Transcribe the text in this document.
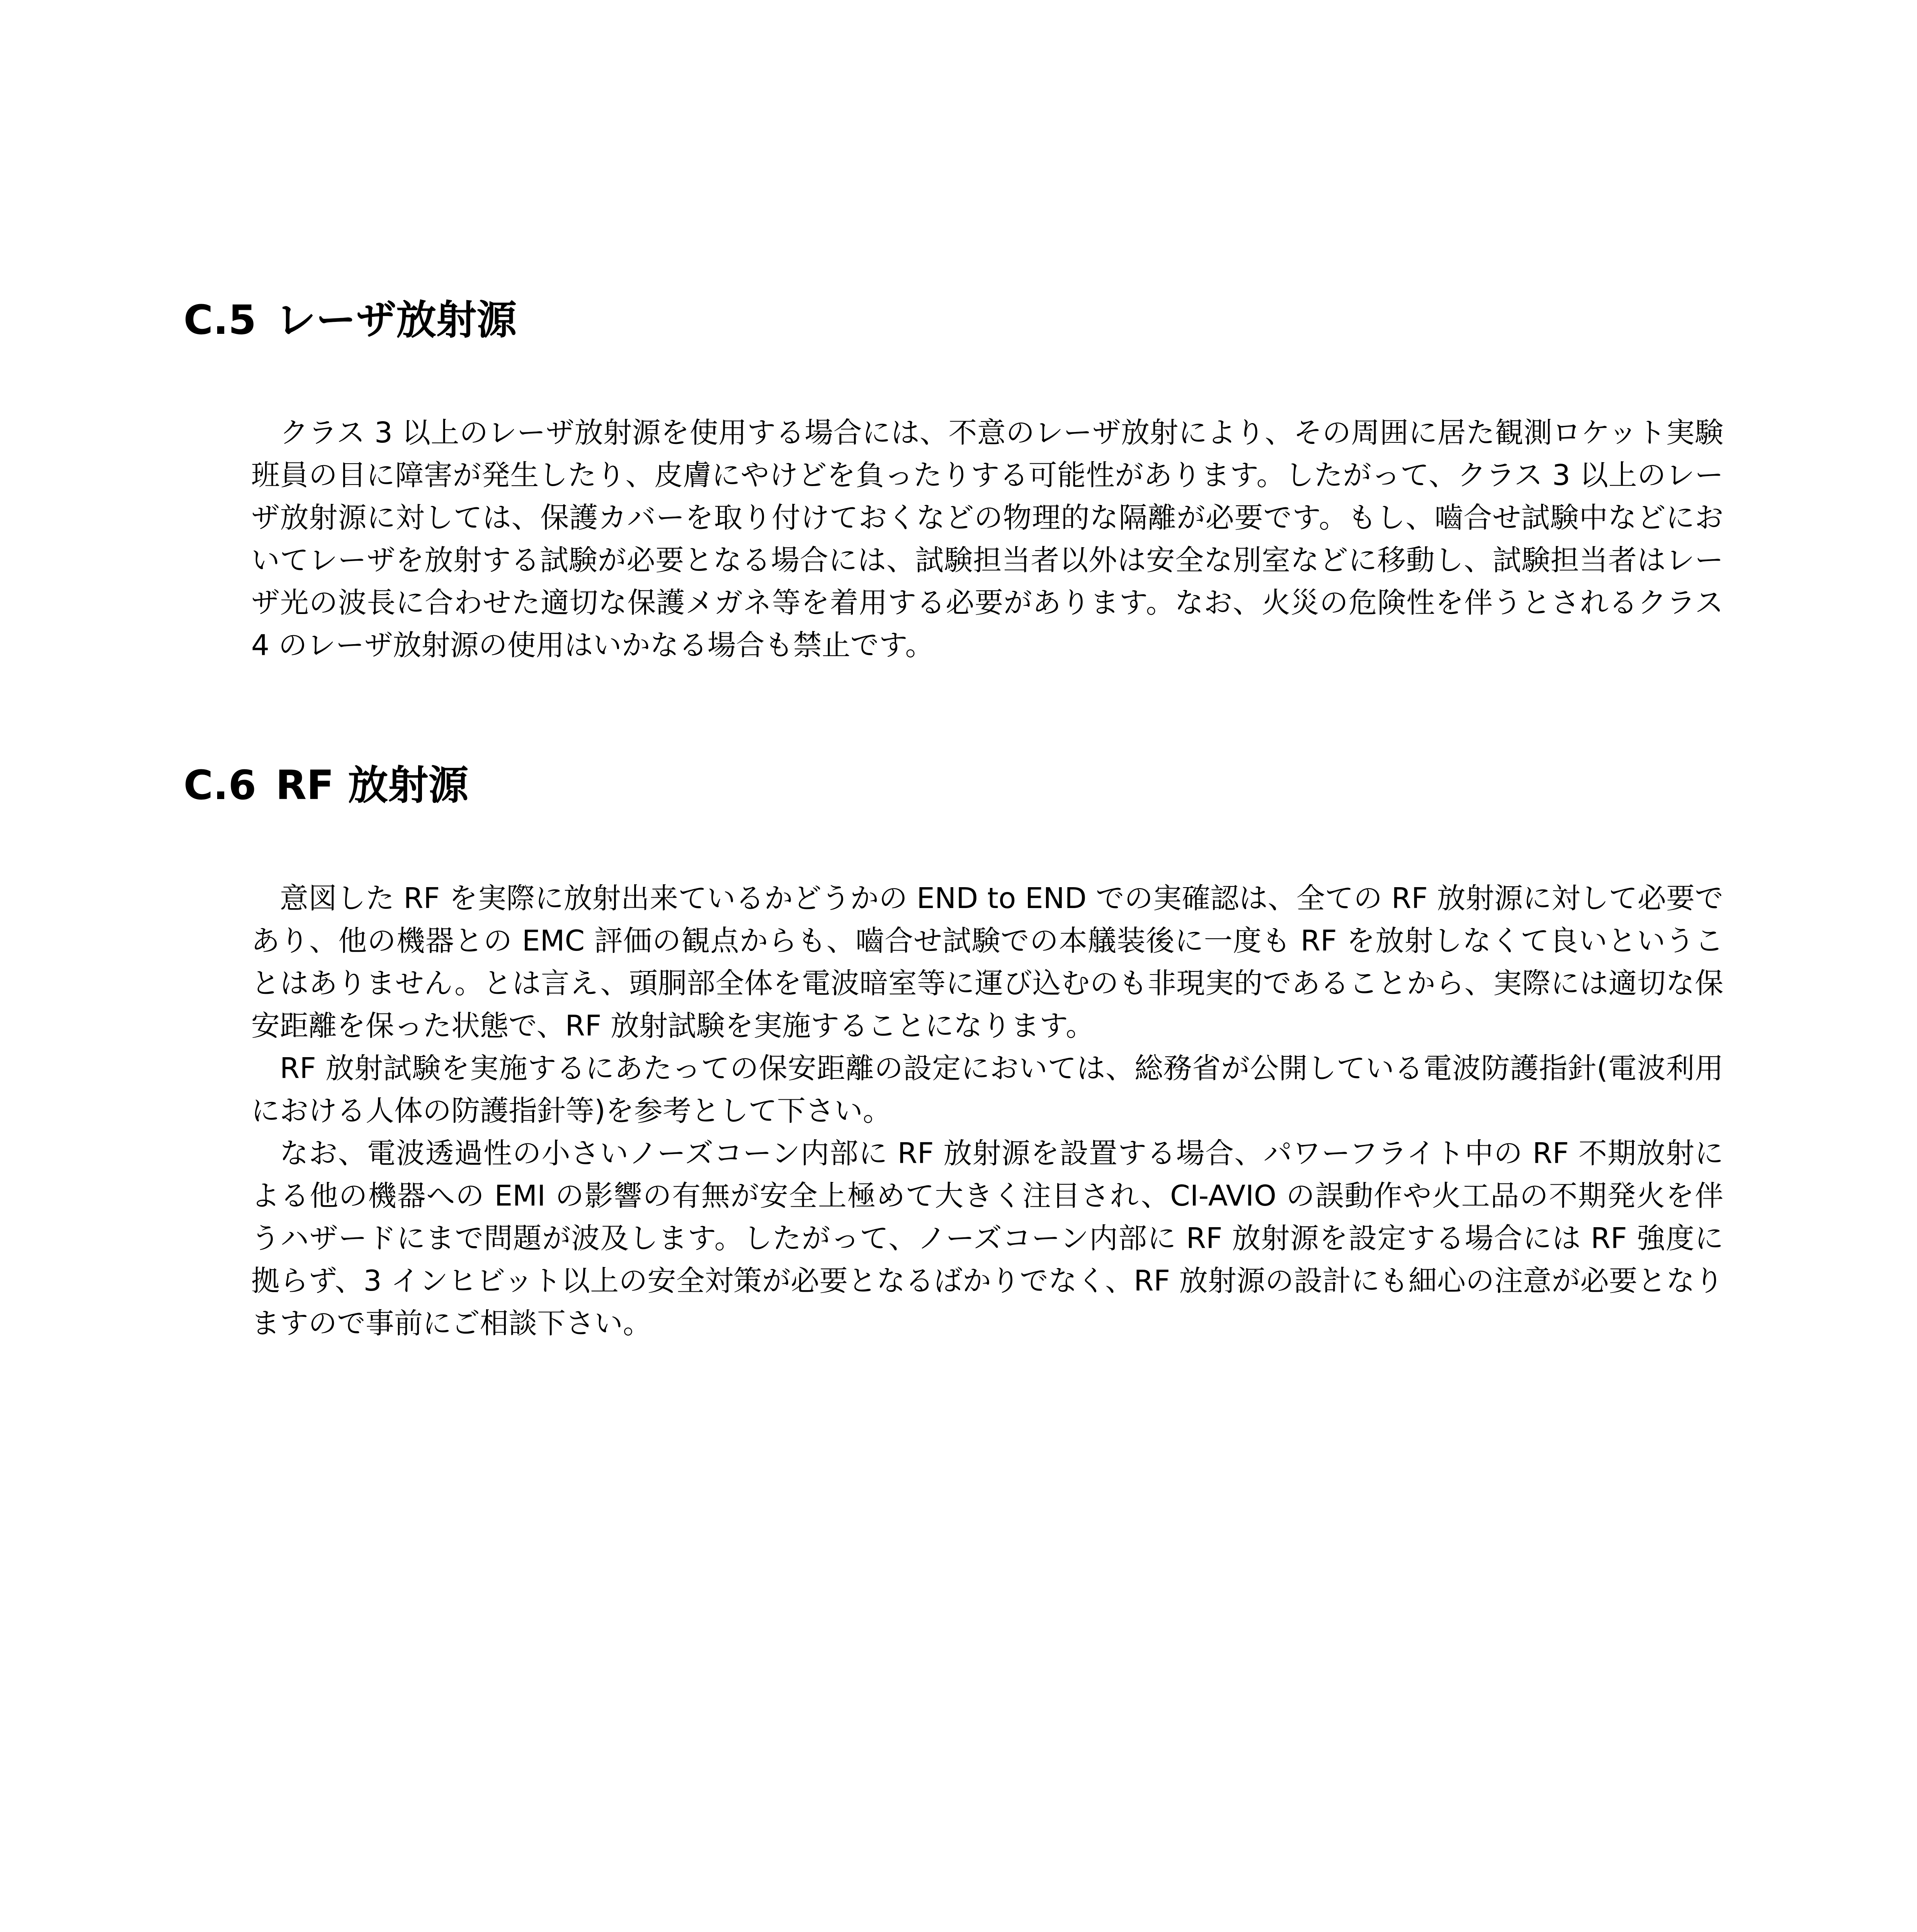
C.5 レーザ放射源

クラス 3 以上のレーザ放射源を使用する場合には、不意のレーザ放射により、その周囲に居た観測ロケット実験班員の目に障害が発生したり、皮膚にやけどを負ったりする可能性があります。したがって、クラス 3 以上のレーザ放射源に対しては、保護カバーを取り付けておくなどの物理的な隔離が必要です。もし、嚙合せ試験中などにおいてレーザを放射する試験が必要となる場合には、試験担当者以外は安全な別室などに移動し、試験担当者はレーザ光の波長に合わせた適切な保護メガネ等を着用する必要があります。なお、火災の危険性を伴うとされるクラス 4 のレーザ放射源の使用はいかなる場合も禁止です。

C.6 RF 放射源

意図した RF を実際に放射出来ているかどうかの END to END での実確認は、全ての RF 放射源に対して必要であり、他の機器との EMC 評価の観点からも、嚙合せ試験での本艤装後に一度も RF を放射しなくて良いということはありません。とは言え、頭胴部全体を電波暗室等に運び込むのも非現実的であることから、実際には適切な保安距離を保った状態で、RF 放射試験を実施することになります。

RF 放射試験を実施するにあたっての保安距離の設定においては、総務省が公開している電波防護指針(電波利用における人体の防護指針等)を参考として下さい。

なお、電波透過性の小さいノーズコーン内部に RF 放射源を設置する場合、パワーフライト中の RF 不期放射による他の機器への EMI の影響の有無が安全上極めて大きく注目され、CI-AVIO の誤動作や火工品の不期発火を伴うハザードにまで問題が波及します。したがって、ノーズコーン内部に RF 放射源を設定する場合には RF 強度に拠らず、3 インヒビット以上の安全対策が必要となるばかりでなく、RF 放射源の設計にも細心の注意が必要となりますので事前にご相談下さい。
